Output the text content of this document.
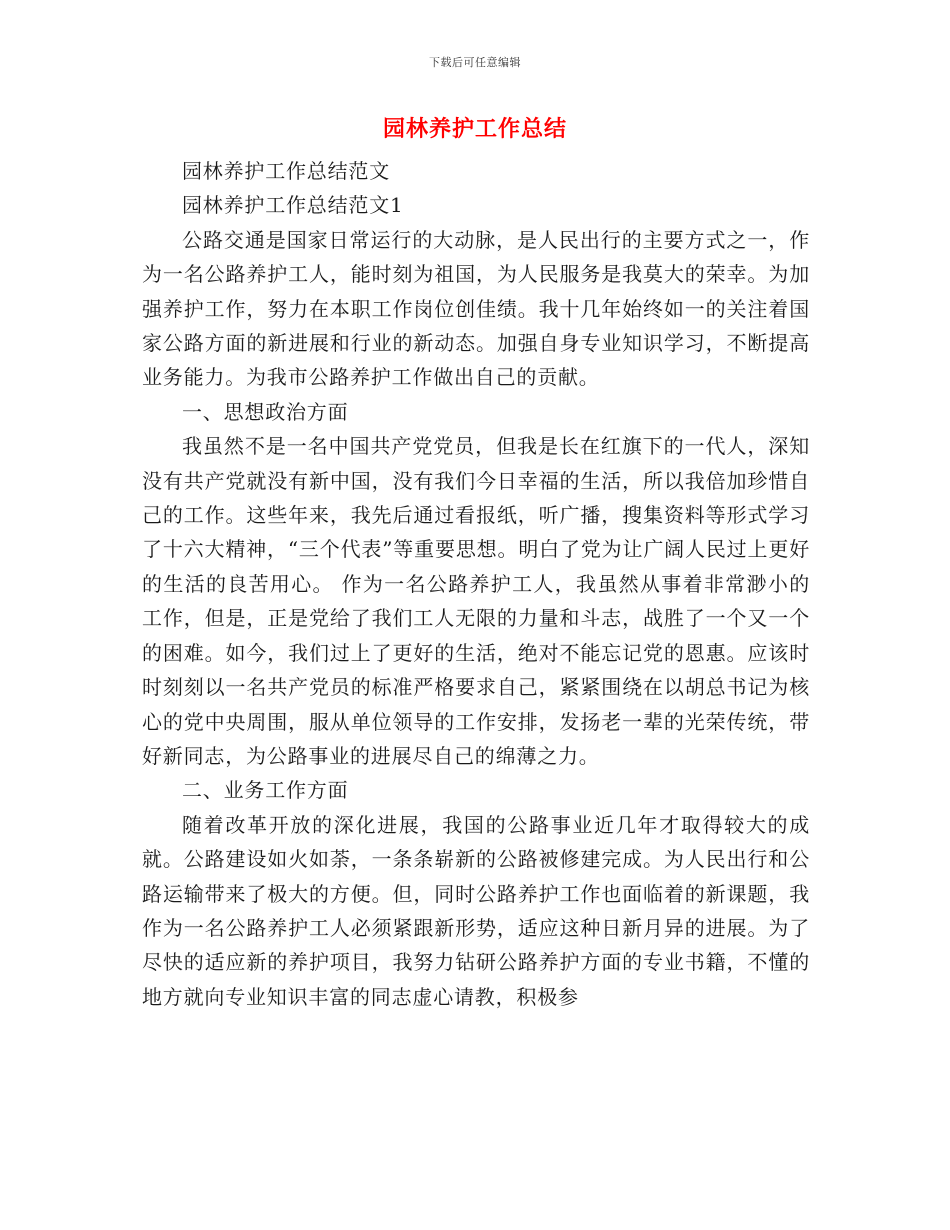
下载后可任意编辑
园林养护工作总结

园林养护工作总结范文

园林养护工作总结范文1

公路交通是国家日常运行的大动脉，是人民出行的主要方式之一，作为一名公路养护工人，能时刻为祖国，为人民服务是我莫大的荣幸。为加强养护工作，努力在本职工作岗位创佳绩。我十几年始终如一的关注着国家公路方面的新进展和行业的新动态。加强自身专业知识学习，不断提高业务能力。为我市公路养护工作做出自己的贡献。

一、思想政治方面

我虽然不是一名中国共产党党员，但我是长在红旗下的一代人，深知没有共产党就没有新中国，没有我们今日幸福的生活，所以我倍加珍惜自己的工作。这些年来，我先后通过看报纸，听广播，搜集资料等形式学习了十六大精神，“三个代表”等重要思想。明白了党为让广阔人民过上更好的生活的良苦用心。 作为一名公路养护工人，我虽然从事着非常渺小的工作，但是，正是党给了我们工人无限的力量和斗志，战胜了一个又一个的困难。如今，我们过上了更好的生活，绝对不能忘记党的恩惠。应该时时刻刻以一名共产党员的标准严格要求自己，紧紧围绕在以胡总书记为核心的党中央周围，服从单位领导的工作安排，发扬老一辈的光荣传统，带好新同志，为公路事业的进展尽自己的绵薄之力。

二、业务工作方面

随着改革开放的深化进展，我国的公路事业近几年才取得较大的成就。公路建设如火如荼，一条条崭新的公路被修建完成。为人民出行和公路运输带来了极大的方便。但，同时公路养护工作也面临着的新课题，我作为一名公路养护工人必须紧跟新形势，适应这种日新月异的进展。为了尽快的适应新的养护项目，我努力钻研公路养护方面的专业书籍，不懂的地方就向专业知识丰富的同志虚心请教，积极参
